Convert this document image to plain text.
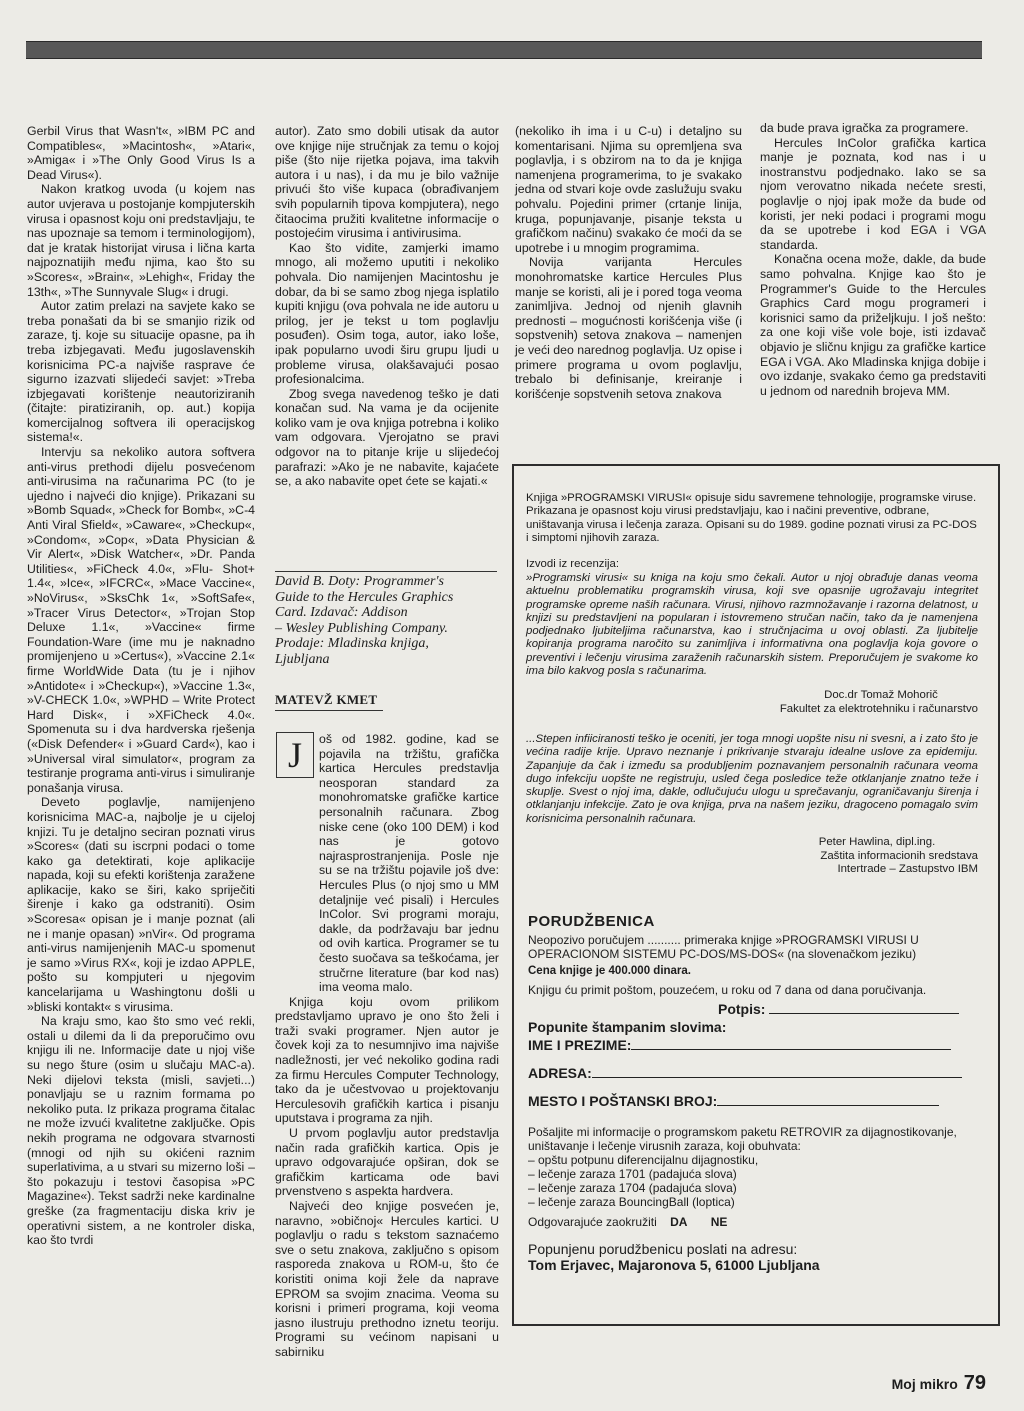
Gerbil Virus that Wasn't«, »IBM PC and Compatibles«, »Macintosh«, »Atari«, »Amiga« i »The Only Good Virus Is a Dead Virus«).

Nakon kratkog uvoda (u kojem nas autor uvjerava u postojanje kompjuterskih virusa i opasnost koju oni predstavljaju, te nas upoznaje sa temom i terminologijom), dat je kratak historijat virusa i lična karta najpoznatijih među njima, kao što su »Scores«, »Brain«, »Lehigh«, Friday the 13th«, »The Sunnyvale Slug« i drugi.

Autor zatim prelazi na savjete kako se treba ponašati da bi se smanjio rizik od zaraze, tj. koje su situacije opasne, pa ih treba izbjegavati. Među jugoslavenskih korisnicima PC-a najviše rasprave će sigurno izazvati slijedeći savjet: »Treba izbjegavati korištenje neautoriziranih (čitajte: piratiziranih, op. aut.) kopija komercijalnog softvera ili operacijskog sistema!«.

Intervju sa nekoliko autora softvera anti-virus prethodi dijelu posvećenom anti-virusima na računarima PC (to je ujedno i najveći dio knjige). Prikazani su »Bomb Squad«, »Check for Bomb«, »C-4 Anti Viral Sfield«, »Caware«, »Checkup«, »Condom«, »Cop«, »Data Physician & Vir Alert«, »Disk Watcher«, »Dr. Panda Utilities«, »FiCheck 4.0«, »Flu- Shot+ 1.4«, »Ice«, »IFCRC«, »Mace Vaccine«, »NoVirus«, »SksChk 1«, »SoftSafe«, »Tracer Virus Detector«, »Trojan Stop Deluxe 1.1«, »Vaccine« firme Foundation-Ware (ime mu je naknadno promijenjeno u »Certus«), »Vaccine 2.1« firme WorldWide Data (tu je i njihov »Antidote« i »Checkup«), »Vaccine 1.3«, »V-CHECK 1.0«, »WPHD – Write Protect Hard Disk«, i »XFiCheck 4.0«. Spomenuta su i dva hardverska rješenja («Disk Defender« i »Guard Card«), kao i »Universal viral simulator«, program za testiranje programa anti-virus i simuliranje ponašanja virusa.

Deveto poglavlje, namijenjeno korisnicima MAC-a, najbolje je u cijeloj knjizi. Tu je detaljno seciran poznati virus »Scores« (dati su iscrpni podaci o tome kako ga detektirati, kojе aplikacije napada, koji su efekti korištenja zaražene aplikacije, kako se širi, kako spriječiti širenje i kako ga odstraniti). Osim »Scoresa« opisan je i manje poznat (ali ne i manje opasan) »nVir«. Od programa anti-virus namijenjenih MAC-u spomenut je samo »Virus RX«, koji je izdao APPLE, pošto su kompjuteri u njegovim kancelarijama u Washingtonu došli u »bliski kontakt« s virusima.

Na kraju smo, kao što smo već rekli, ostali u dilemi da li da preporučimo ovu knjigu ili ne. Informacije date u njoj više su nego šture (osim u slučaju MAC-a). Neki dijelovi teksta (misli, savjeti...) ponavljaju se u raznim formama po nekoliko puta. Iz prikaza programa čitalac ne može izvući kvalitetne zaključke. Opis nekih programa ne odgovara stvarnosti (mnogi od njih su okićeni raznim superlativima, a u stvari su mizerno loši – što pokazuju i testovi časopisa »PC Magazine«). Tekst sadrži neke kardinalne greške (za fragmentaciju diska kriv je operativni sistem, a ne kontroler diska, kao što tvrdi

autor). Zato smo dobili utisak da autor ove knjige nije stručnjak za temu o kojoj piše (što nije rijetka pojava, ima takvih autora i u nas), i da mu je bilo važnije privući što više kupaca (obrađivanjem svih popularnih tipova kompjutera), nego čitaocima pružiti kvalitetne informacije o postojećim virusima i antivirusima.

Kao što vidite, zamjerki imamo mnogo, ali možemo uputiti i nekoliko pohvala. Dio namijenjen Macintoshu je dobar, da bi se samo zbog njega isplatilo kupiti knjigu (ova pohvala ne ide autoru u prilog, jer je tekst u tom poglavlju posuđen). Osim toga, autor, iako loše, ipak popularno uvodi širu grupu ljudi u probleme virusa, olakšavajući posao profesionalcima.

Zbog svega navedenog teško je dati konačan sud. Na vama je da ocijenite koliko vam je ova knjiga potrebna i koliko vam odgovara. Vjerojatno se pravi odgovor na to pitanje krije u slijedećoj parafrazi: »Ako je ne nabavite, kajaćete se, a ako nabavite opet ćete se kajati.«

David B. Doty: Programmer's
Guide to the Hercules Graphics
Card. Izdavač: Addison
– Wesley Publishing Company.
Prodaje: Mladinska knjiga,
Ljubljana
MATEVŽ KMET
J	oš od 1982. godine, kad se pojavila na tržištu, grafička kartica Hercules predstavlja neosporan standard za monohromatske grafičke kartice personalnih računara. Zbog niske cene (oko 100 DEM) i kod nas je gotovo najrasprostranjenija. Posle nje su se na tržištu pojavile još dve: Hercules Plus (o njoj smo u MM detaljnije već pisali) i Hercules InColor. Svi programi moraju, dakle, da podržavaju bar jednu od ovih kartica. Programer se tu često suočava sa teškoćama, jer stručrne literature (bar kod nas) ima veoma malo.

Knjiga koju ovom prilikom predstavljamo upravo je ono što želi i traži svaki programer. Njen autor je čovek koji za to nesumnjivo ima najviše nadležnosti, jer već nekoliko godina radi za firmu Hercules Computer Technology, tako da je učestvovao u projektovanju Herculesovih grafičkih kartica i pisanju uputstava i programa za njih.

U prvom poglavlju autor predstavlja način rada grafičkih kartica. Opis je upravo odgovarajuće opširan, dok se grafičkim karticama ode bavi prvenstveno s aspekta hardvera.

Najveći deo knjige posvećen je, naravno, »običnoj« Hercules kartici. U poglavlju o radu s tekstom saznaćemo sve o setu znakova, zaključno s opisom rasporeda znakova u ROM-u, što će koristiti onima koji žele da naprave EPROM sa svojim znacima. Veoma su korisni i primeri programa, koji veoma jasno ilustruju prethodno iznetu teoriju. Programi su većinom napisani u sabirniku

(nekoliko ih ima i u C-u) i detaljno su komentarisani. Njima su opremljena sva poglavlja, i s obzirom na to da je knjiga namenjena programerima, to je svakako jedna od stvari koje ovde zaslužuju svaku pohvalu. Pojedini primer (crtanje linija, kruga, popunjavanje, pisanje teksta u grafičkom načinu) svakako će moći da se upotrebe i u mnogim programima.

Novija varijanta Hercules monohromatske kartice Hercules Plus manje se koristi, ali je i pored toga veoma zanimljiva. Jednoj od njenih glavnih prednosti – mogućnosti korišćenja više (i sopstvenih) setova znakova – namenjen je veći deo narednog poglavlja. Uz opise i primere programa u ovom poglavlju, trebalo bi definisanje, kreiranje i korišćenje sopstvenih setova znakova

da bude prava igračka za programere.

Hercules InColor grafička kartica manje je poznata, kod nas i u inostranstvu podjednako. Iako se sa njom verovatno nikada nećete sresti, poglavlje o njoj ipak može da bude od koristi, jer neki podaci i programi mogu da se upotrebe i kod EGA i VGA standarda.

Konačna ocena može, dakle, da bude samo pohvalna. Knjige kao što je Programmer's Guide to the Hercules Graphics Card mogu programeri i korisnici samo da priželjkuju. I još nešto: za one koji više vole boje, isti izdavač objavio je sličnu knjigu za grafičke kartice EGA i VGA. Ako Mladinska knjiga dobije i ovo izdanje, svakako ćemo ga predstaviti u jednom od narednih brojeva MM.

Knjiga »PROGRAMSKI VIRUSI« opisuje sidu savremene tehnologije, programske viruse. Prikazana je opasnost koju virusi predstavljaju, kao i načini preventive, odbrane, uništavanja virusa i lečenja zaraza. Opisani su do 1989. godine poznati virusi za PC-DOS i simptomi njihovih zaraza.
Izvodi iz recenzija:
»Programski virusi« su kniga na koju smo čekali. Autor u njoj obrađuje danas veoma aktuelnu problematiku programskih virusa, koji sve opasnije ugrožavaju integritet programske opreme naših računara. Virusi, njihovo razmnožavanje i razorna delatnost, u knjizi su predstavljeni na popularan i istovremeno stručan način, tako da je namenjena podjednako ljubiteljima računarstva, kao i stručnjacima u ovoj oblasti. Za ljubitelje kopiranja programa naročito su zanimljiva i informativna ona poglavlja koja govore o preventivi i lečenju virusima zaraženih računarskih sistem. Preporučujem je svakome ko ima bilo kakvog posla s računarima.
Doc.dr Tomaž Mohorič
Fakultet za elektrotehniku i računarstvo
...Stepen infiiciranosti teško je oceniti, jer toga mnogi uopšte nisu ni svesni, a i zato što je većina radije krije. Upravo neznanje i prikrivanje stvaraju idealne uslove za epidemiju. Zapanjuje da čak i između sa produbljenim poznavanjem personalnih računara veoma dugo infekciju uopšte ne registruju, usled čega posledice teže otklanjanje znatno teže i skuplje. Svest o njoj ima, dakle, odlučujuću ulogu u sprečavanju, ograničavanju širenja i otklanjanju infekcije. Zato je ova knjiga, prva na našem jeziku, dragoceno pomagalo svim korisnicima personalnih računara.
Peter Hawlina, dipl.ing.
Zaštita informacionih sredstava
Intertrade – Zastupstvo IBM
PORUDŽBENICA
Neopozivo poručujem .......... primeraka knjige »PROGRAMSKI VIRUSI U OPERACIONOM SISTEMU PC-DOS/MS-DOS« (na slovenačkom jeziku)
Cena knjige je 400.000 dinara.
Knjigu ću primit poštom, pouzećem, u roku od 7 dana od dana poručivanja.
Potpis:
Popunite štampanim slovima:
IME I PREZIME:
ADRESA:
MESTO I POŠTANSKI BROJ:
Pošaljite mi informacije o programskom paketu RETROVIR za dijagnostikovanje, uništavanje i lečenje virusnih zaraza, koji obuhvata:
– opštu potpunu diferencijalnu dijagnostiku,
– lečenje zaraza 1701 (padajuća slova)
– lečenje zaraza 1704 (padajuća slova)
– lečenje zaraza BouncingBall (loptica)
Odgovarajuće zaokružiti DA NE
Popunjenu porudžbenicu poslati na adresu:
Tom Erjavec, Majaronova 5, 61000 Ljubljana
Moj mikro 79
